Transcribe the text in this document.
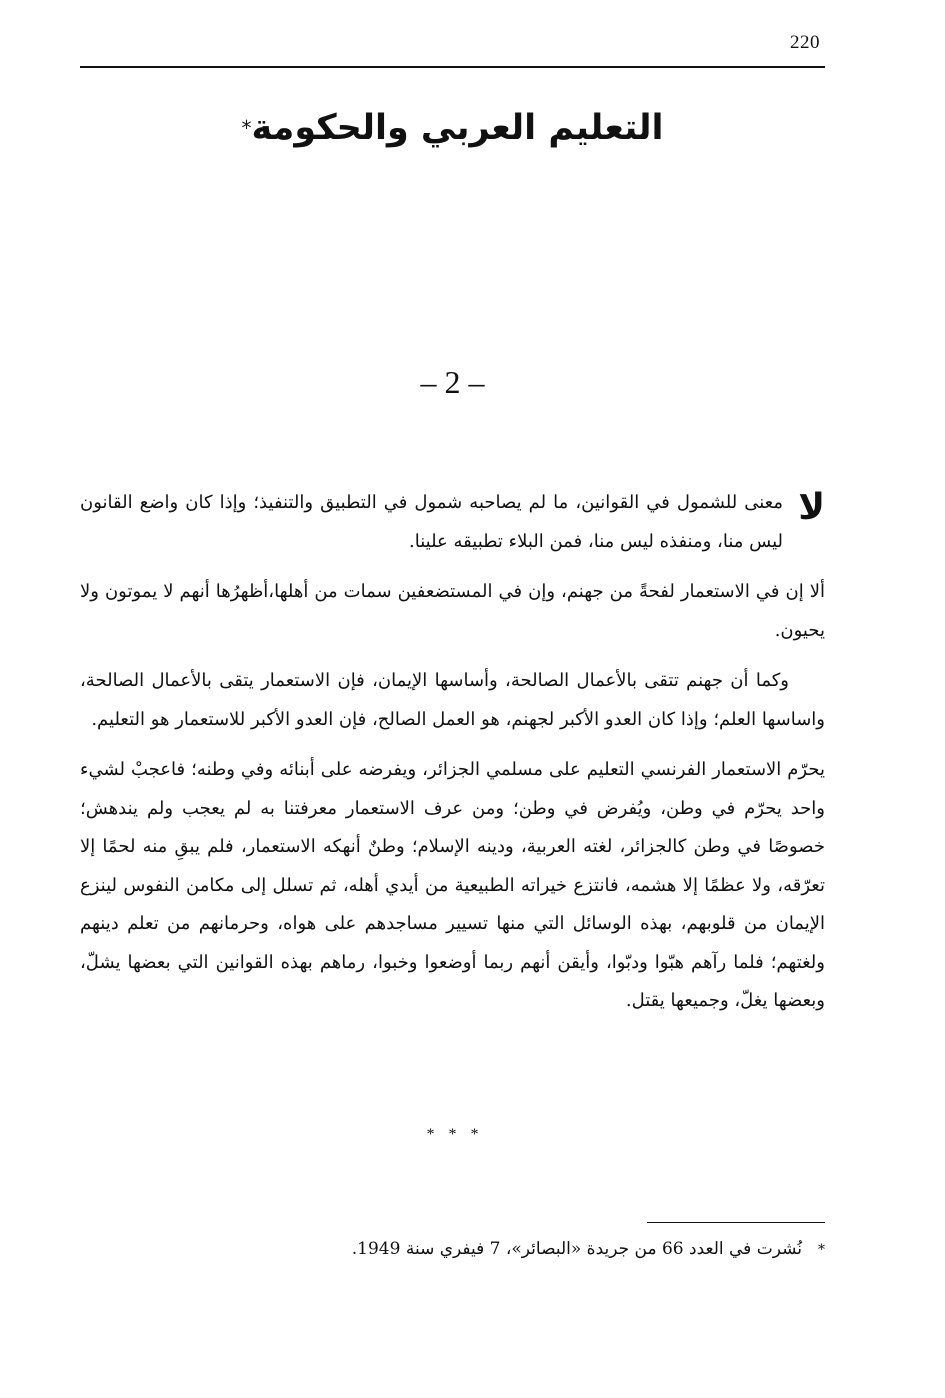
220
التعليم العربي والحكومة*
– 2 –
لا

معنى للشمول في القوانين، ما لم يصاحبه شمول في التطبيق والتنفيذ؛ وإذا كان واضع القانون ليس منا، ومنفذه ليس منا، فمن البلاء تطبيقه علينا.

ألا إن في الاستعمار لفحةً من جهنم، وإن في المستضعفين سمات من أهلها،أظهرُها أنهم لا يموتون ولا يحيون.

وكما أن جهنم تتقى بالأعمال الصالحة، وأساسها الإيمان، فإن الاستعمار يتقى بالأعمال الصالحة، واساسها العلم؛ وإذا كان العدو الأكبر لجهنم، هو العمل الصالح، فإن العدو الأكبر للاستعمار هو التعليم.

يحرّم الاستعمار الفرنسي التعليم على مسلمي الجزائر، ويفرضه على أبنائه وفي وطنه؛ فاعجبْ لشيء واحد يحرّم في وطن، ويُفرض في وطن؛ ومن عرف الاستعمار معرفتنا به لم يعجب ولم يندهش؛ خصوصًا في وطن كالجزائر، لغته العربية، ودينه الإسلام؛ وطنٌ أنهكه الاستعمار، فلم يبقِ منه لحمًا إلا تعرّقه، ولا عظمًا إلا هشمه، فانتزع خيراته الطبيعية من أيدي أهله، ثم تسلل إلى مكامن النفوس لينزع الإيمان من قلوبهم، بهذه الوسائل التي منها تسيير مساجدهم على هواه، وحرمانهم من تعلم دينهم ولغتهم؛ فلما رآهم هبّوا ودبّوا، وأيقن أنهم ربما أوضعوا وخبوا، رماهم بهذه القوانين التي بعضها يشلّ، وبعضها يغلّ، وجميعها يقتل.

* * *
*نُشرت في العدد 66 من جريدة «البصائر»، 7 فيفري سنة 1949.
